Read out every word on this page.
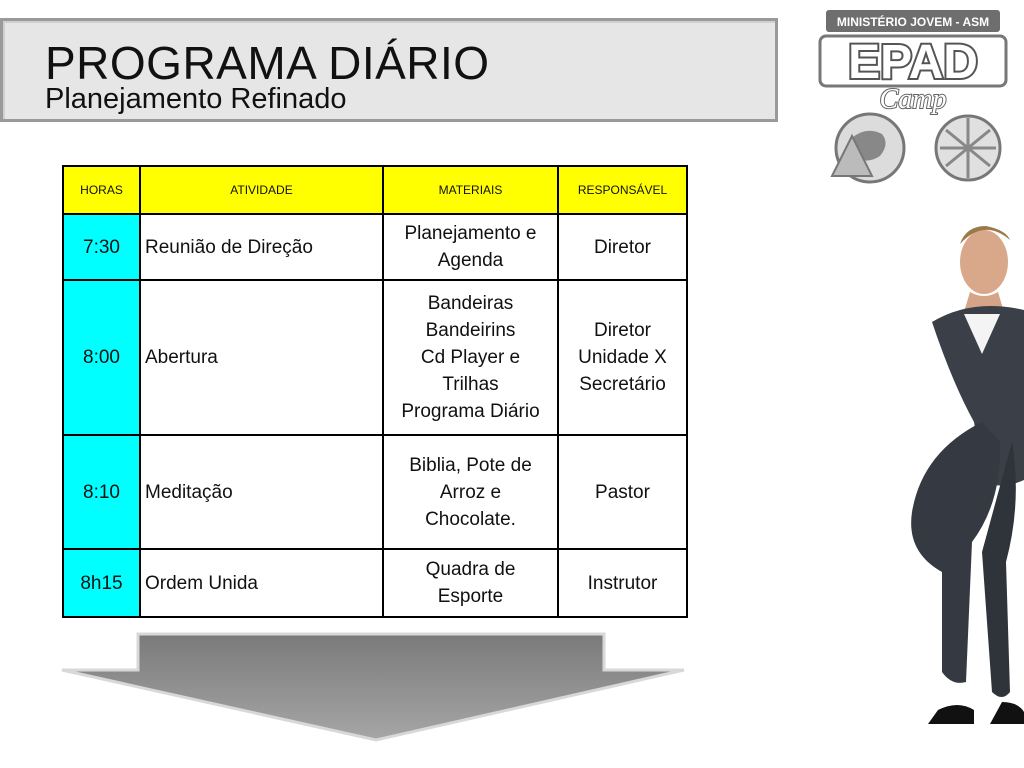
PROGRAMA DIÁRIO
Planejamento Refinado
MINISTÉRIO JOVEM - ASM
EPAD
Camp
HORAS	ATIVIDADE	MATERIAIS	RESPONSÁVEL
7:30	Reunião de Direção	Planejamento e
Agenda	Diretor

8:00	Abertura	Bandeiras
Bandeirins
Cd Player e
Trilhas
Programa Diário	Diretor
Unidade X
Secretário

8:10	Meditação	Biblia, Pote de
Arroz e
Chocolate.	Pastor

8h15	Ordem Unida	Quadra de
Esporte	Instrutor
